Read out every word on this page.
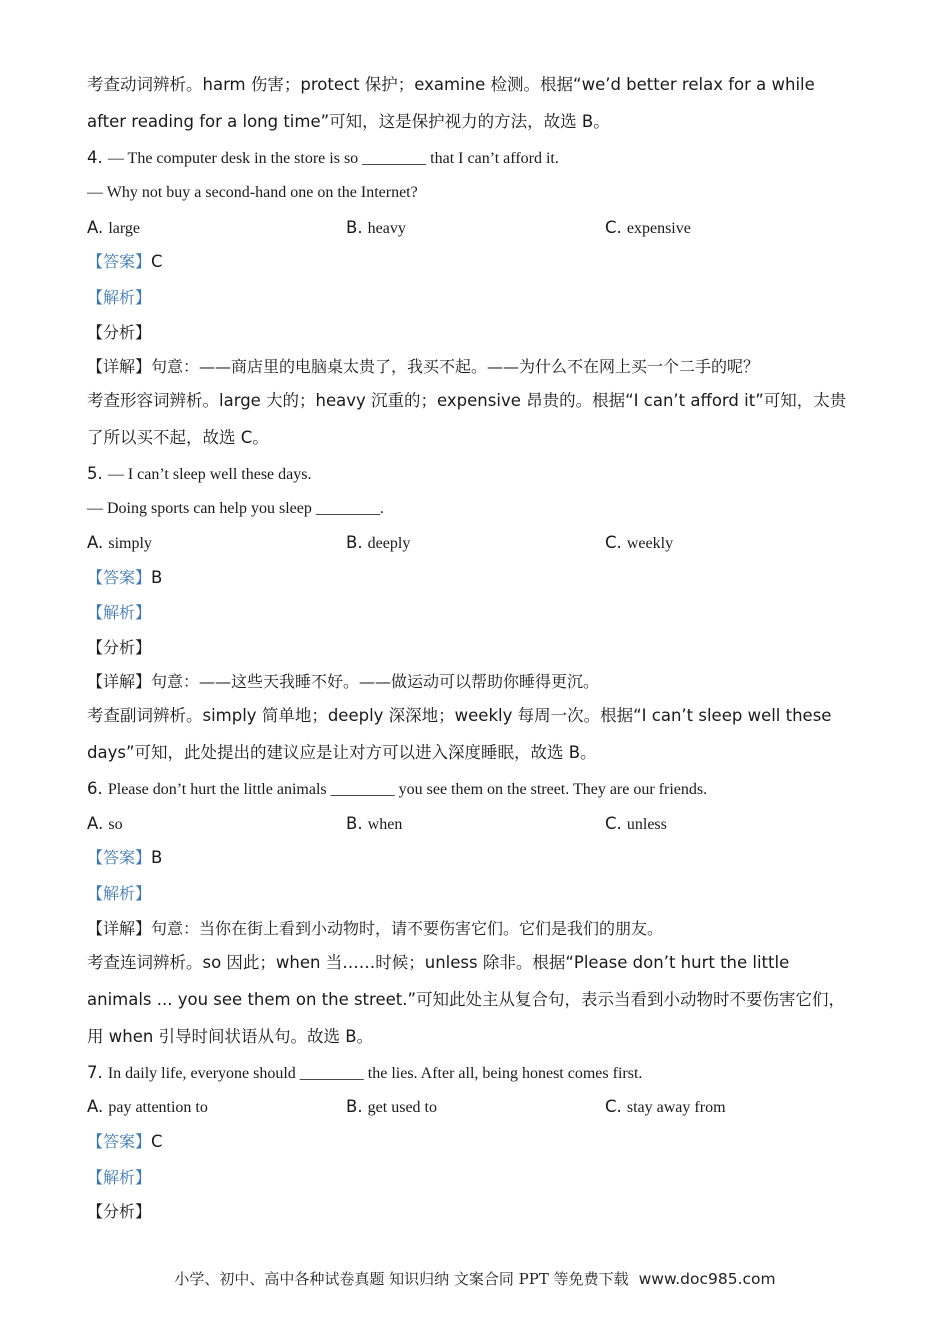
考查动词辨析。harm 伤害；protect 保护；examine 检测。根据“we’d better relax for a while
after reading for a long time”可知，这是保护视力的方法，故选 B。
4. — The computer desk in the store is so ________ that I can’t afford it.
— Why not buy a second-hand one on the Internet?
A. large	B. heavy	C. expensive
【答案】C
【解析】
【分析】
【详解】句意：——商店里的电脑桌太贵了，我买不起。——为什么不在网上买一个二手的呢？
考查形容词辨析。large 大的；heavy 沉重的；expensive 昂贵的。根据“I can’t afford it”可知，太贵
了所以买不起，故选 C。
5. — I can’t sleep well these days.
— Doing sports can help you sleep ________.
A. simply	B. deeply	C. weekly
【答案】B
【解析】
【分析】
【详解】句意：——这些天我睡不好。——做运动可以帮助你睡得更沉。
考查副词辨析。simply 简单地；deeply 深深地；weekly 每周一次。根据“I can’t sleep well these
days”可知，此处提出的建议应是让对方可以进入深度睡眠，故选 B。
6. Please don’t hurt the little animals ________ you see them on the street. They are our friends.
A. so	B. when	C. unless
【答案】B
【解析】
【详解】句意：当你在街上看到小动物时，请不要伤害它们。它们是我们的朋友。
考查连词辨析。so 因此；when 当……时候；unless 除非。根据“Please don’t hurt the little
animals ... you see them on the street.”可知此处主从复合句，表示当看到小动物时不要伤害它们，
用 when 引导时间状语从句。故选 B。
7. In daily life, everyone should ________ the lies. After all, being honest comes first.
A. pay attention to	B. get used to	C. stay away from
【答案】C
【解析】
【分析】
小学、初中、高中各种试卷真题 知识归纳 文案合同 PPT 等免费下载 www.doc985.com
